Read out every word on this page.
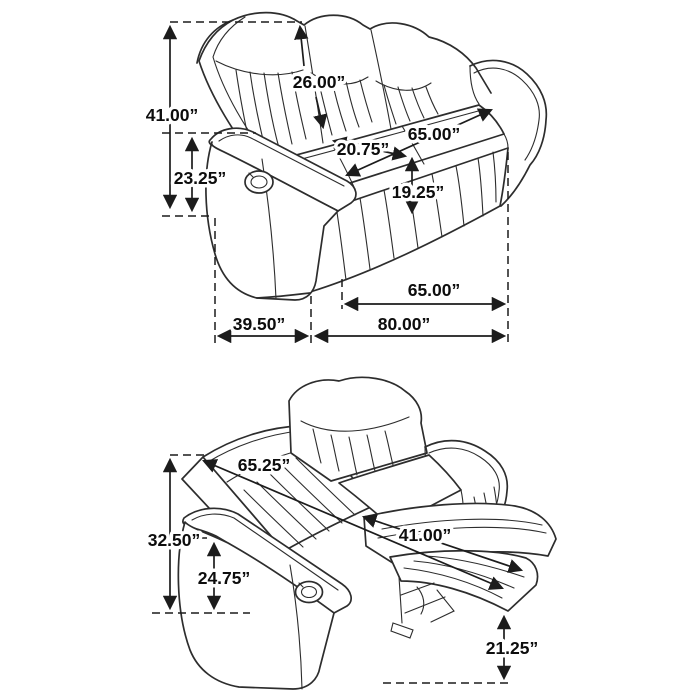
41.00”
26.00”
23.25”
20.75”
65.00”
19.25”
65.00”
39.50”	80.00”
65.25”
32.50”
24.75”
41.00”
21.25”
